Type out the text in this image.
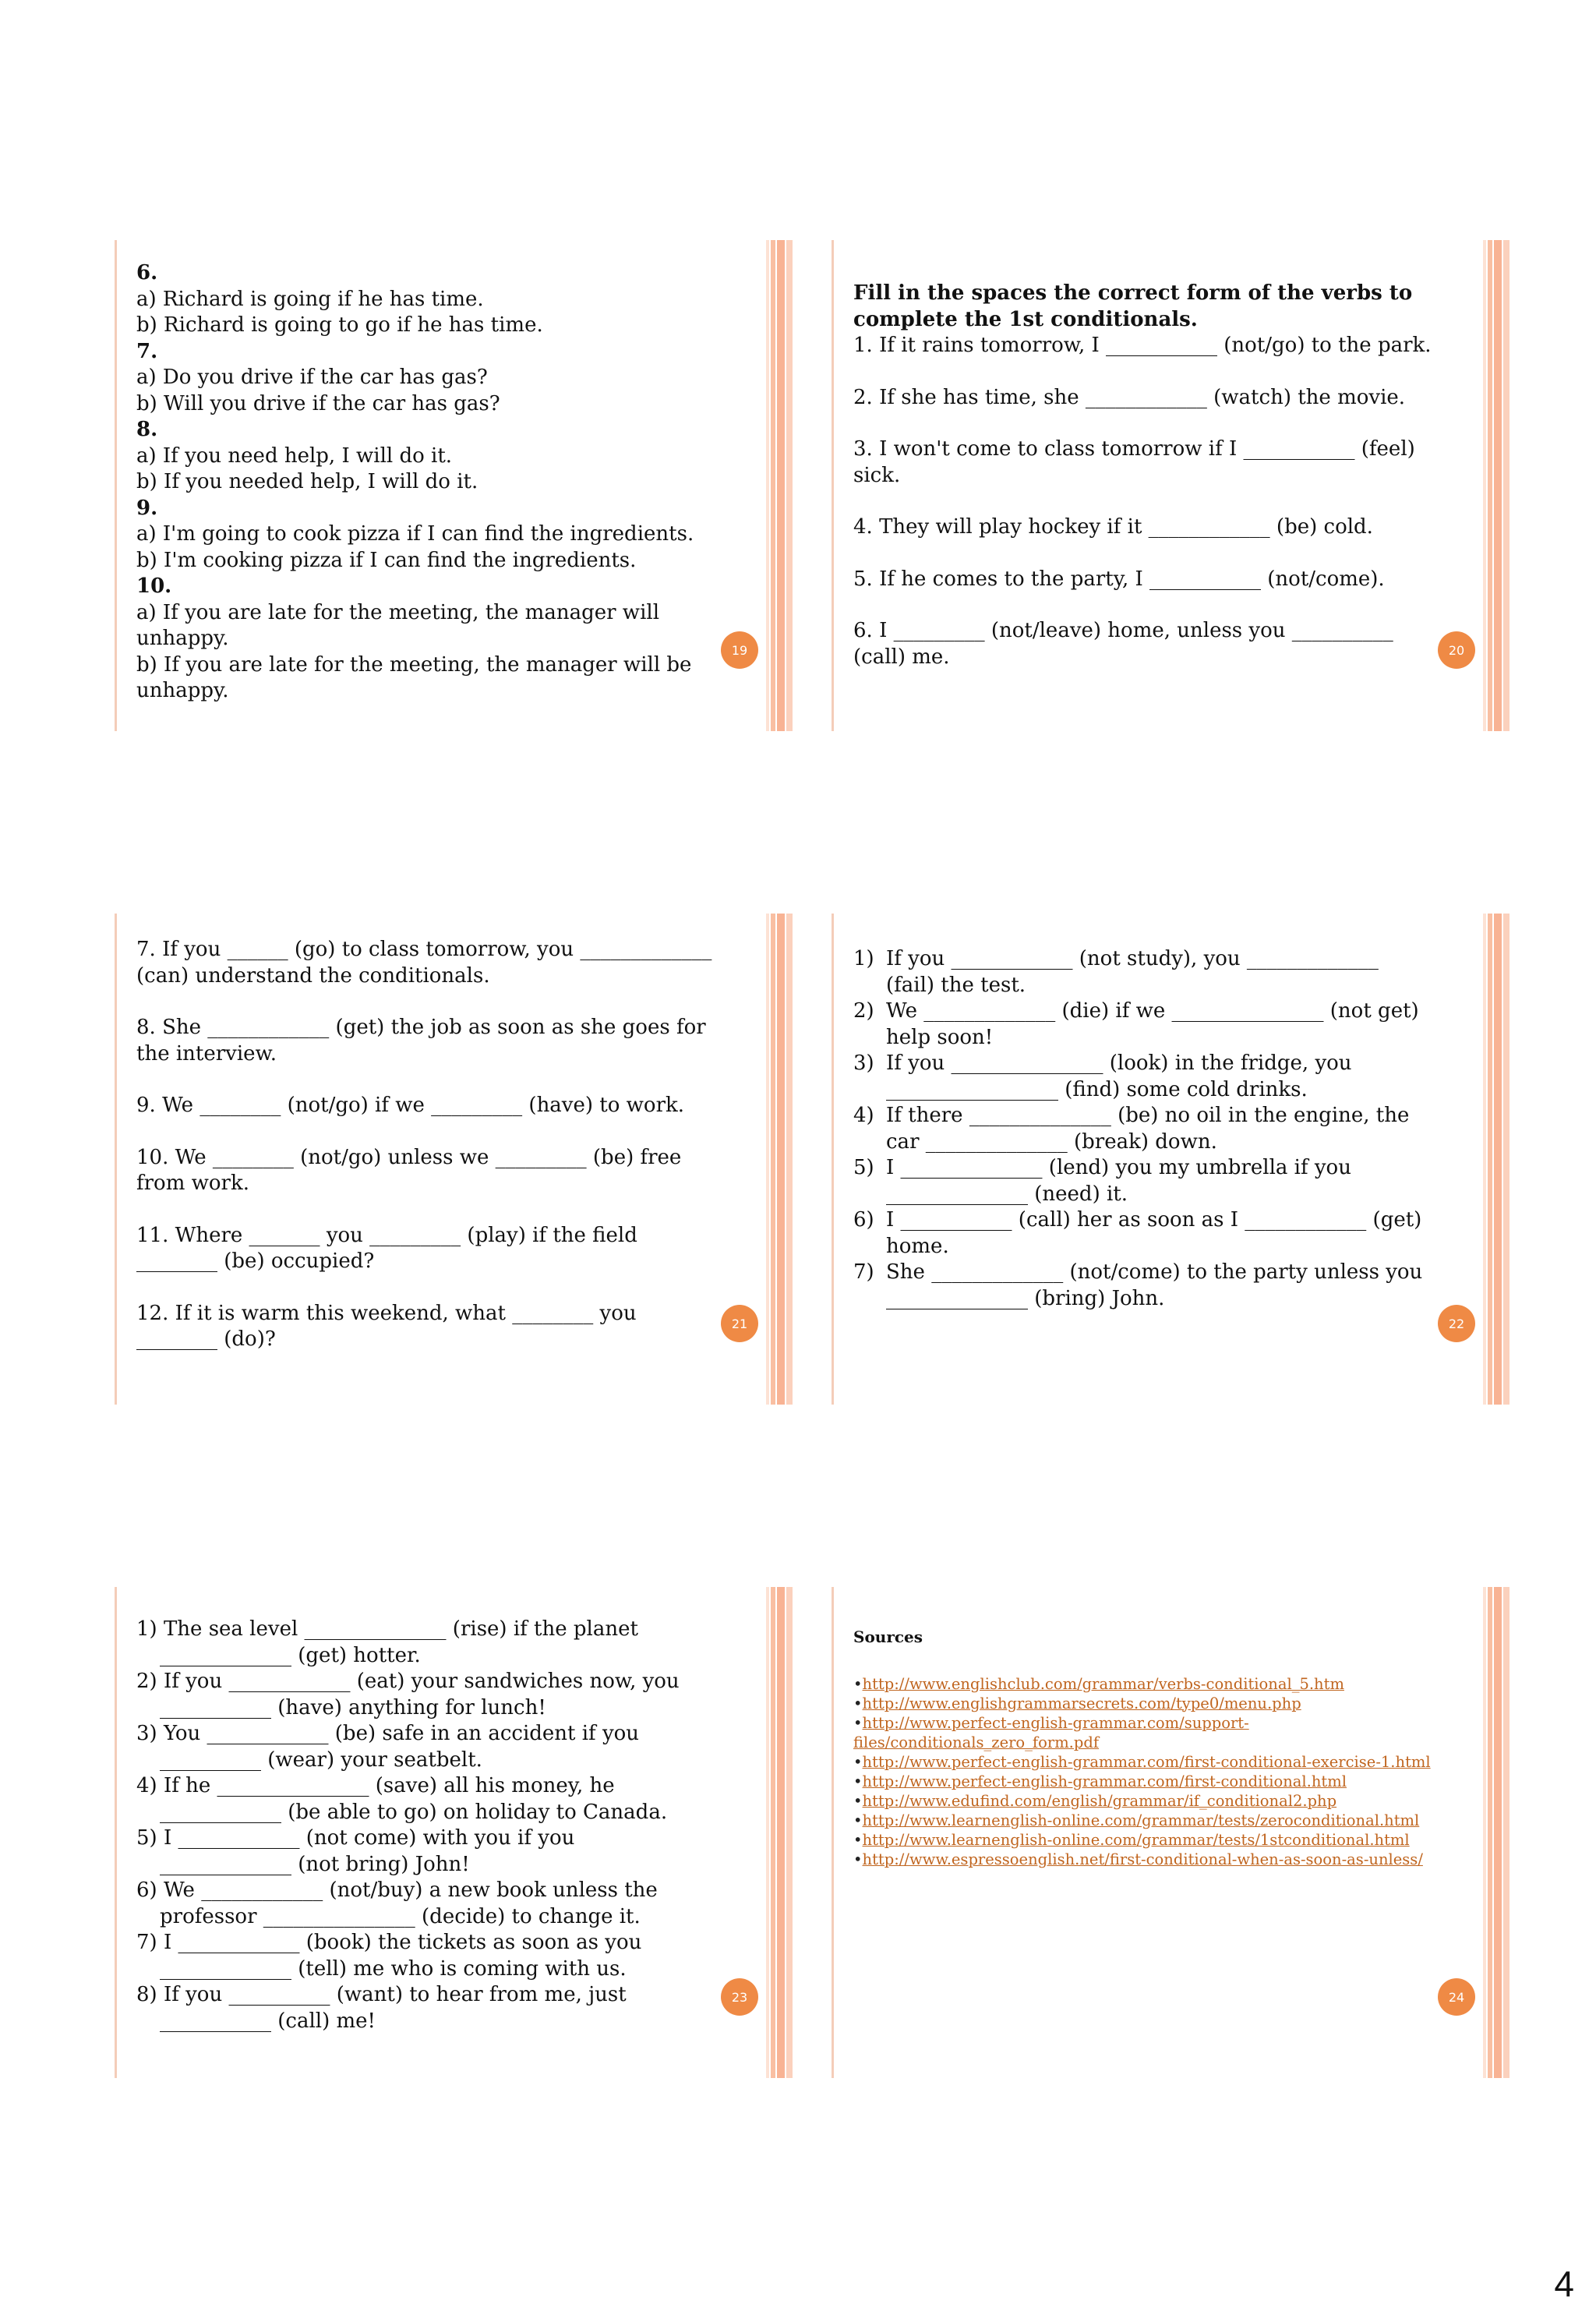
6.

a) Richard is going if he has time.

b) Richard is going to go if he has time.

7.

a) Do you drive if the car has gas?

b) Will you drive if the car has gas?

8.

a) If you need help, I will do it.

b) If you needed help, I will do it.

9.

a) I'm going to cook pizza if I can find the ingredients.

b) I'm cooking pizza if I can find the ingredients.

10.

a) If you are late for the meeting, the manager will unhappy.

b) If you are late for the meeting, the manager will be unhappy.

19

Fill in the spaces the correct form of the verbs to complete the 1st conditionals.

1. If it rains tomorrow, I ___________ (not/go) to the park.

2. If she has time, she ____________ (watch) the movie.

3. I won't come to class tomorrow if I ___________ (feel) sick.

4. They will play hockey if it ____________ (be) cold.

5. If he comes to the party, I ___________ (not/come).

6. I _________ (not/leave) home, unless you __________ (call) me.	20

7. If you ______ (go) to class tomorrow, you _____________ (can) understand the conditionals.

8. She ____________ (get) the job as soon as she goes for the interview.

9. We ________ (not/go) if we _________ (have) to work.

10. We ________ (not/go) unless we _________ (be) free from work.

11. Where _______ you _________ (play) if the field ________ (be) occupied?

12. If it is warm this weekend, what ________ you ________ (do)?

21
1) If you ____________ (not study), you _____________ (fail) the test.
2) We _____________ (die) if we _______________ (not get) help soon!
3) If you _______________ (look) in the fridge, you _________________ (find) some cold drinks.
4) If there ______________ (be) no oil in the engine, the car ______________ (break) down.
5) I ______________ (lend) you my umbrella if you ______________ (need) it.
6) I ___________ (call) her as soon as I ____________ (get) home.
7) She _____________ (not/come) to the party unless you ______________ (bring) John.
22

1) The sea level ______________ (rise) if the planet

_____________ (get) hotter.

2) If you ____________ (eat) your sandwiches now, you

___________ (have) anything for lunch!

3) You ____________ (be) safe in an accident if you

__________ (wear) your seatbelt.

4) If he _______________ (save) all his money, he

____________ (be able to go) on holiday to Canada.

5) I ____________ (not come) with you if you

_____________ (not bring) John!

6) We ____________ (not/buy) a new book unless the

professor _______________ (decide) to change it.

7) I ____________ (book) the tickets as soon as you

_____________ (tell) me who is coming with us.

8) If you __________ (want) to hear from me, just

___________ (call) me!

23
Sources
•http://www.englishclub.com/grammar/verbs-conditional_5.htm
•http://www.englishgrammarsecrets.com/type0/menu.php
•http://www.perfect-english-grammar.com/support-files/conditionals_zero_form.pdf
•http://www.perfect-english-grammar.com/first-conditional-exercise-1.html
•http://www.perfect-english-grammar.com/first-conditional.html
•http://www.edufind.com/english/grammar/if_conditional2.php
•http://www.learnenglish-online.com/grammar/tests/zeroconditional.html
•http://www.learnenglish-online.com/grammar/tests/1stconditional.html
•http://www.espressoenglish.net/first-conditional-when-as-soon-as-unless/
24
4
